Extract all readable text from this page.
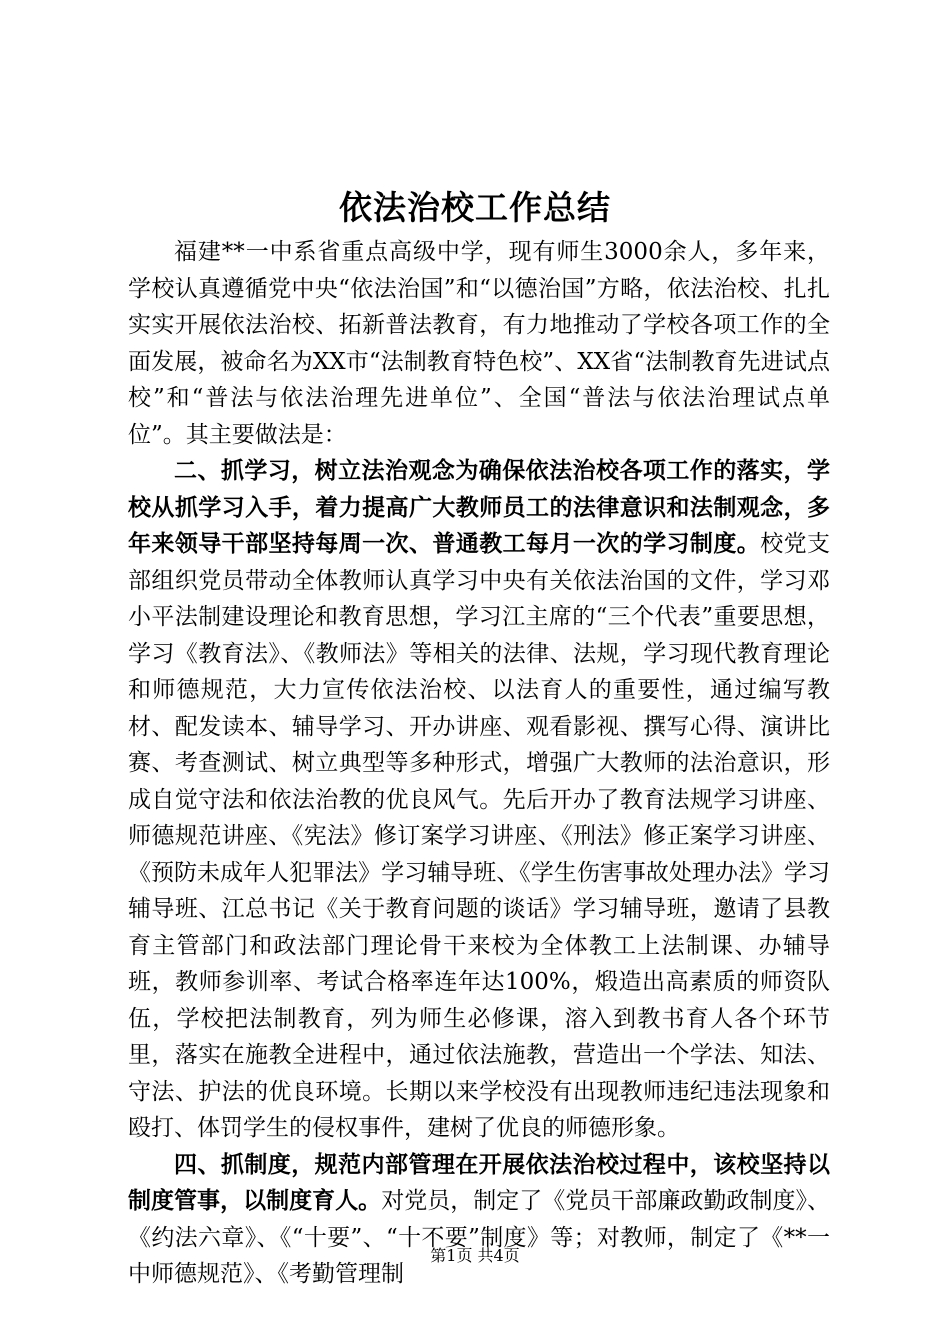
依法治校工作总结

福建**一中系省重点高级中学，现有师生3000余人，多年来，学校认真遵循党中央“依法治国”和“以德治国”方略，依法治校、扎扎实实开展依法治校、拓新普法教育，有力地推动了学校各项工作的全面发展，被命名为XX市“法制教育特色校”、XX省“法制教育先进试点校”和“普法与依法治理先进单位”、全国“普法与依法治理试点单位”。其主要做法是：

二、抓学习，树立法治观念为确保依法治校各项工作的落实，学校从抓学习入手，着力提高广大教师员工的法律意识和法制观念，多年来领导干部坚持每周一次、普通教工每月一次的学习制度。校党支部组织党员带动全体教师认真学习中央有关依法治国的文件，学习邓小平法制建设理论和教育思想，学习江主席的“三个代表”重要思想，学习《教育法》、《教师法》等相关的法律、法规，学习现代教育理论和师德规范，大力宣传依法治校、以法育人的重要性，通过编写教材、配发读本、辅导学习、开办讲座、观看影视、撰写心得、演讲比赛、考查测试、树立典型等多种形式，增强广大教师的法治意识，形成自觉守法和依法治教的优良风气。先后开办了教育法规学习讲座、师德规范讲座、《宪法》修订案学习讲座、《刑法》修正案学习讲座、《预防未成年人犯罪法》学习辅导班、《学生伤害事故处理办法》学习辅导班、江总书记《关于教育问题的谈话》学习辅导班，邀请了县教育主管部门和政法部门理论骨干来校为全体教工上法制课、办辅导班，教师参训率、考试合格率连年达100%，煅造出高素质的师资队伍，学校把法制教育，列为师生必修课，溶入到教书育人各个环节里，落实在施教全进程中，通过依法施教，营造出一个学法、知法、守法、护法的优良环境。长期以来学校没有出现教师违纪违法现象和殴打、体罚学生的侵权事件，建树了优良的师德形象。

四、抓制度，规范内部管理在开展依法治校过程中，该校坚持以制度管事，以制度育人。对党员，制定了《党员干部廉政勤政制度》、《约法六章》、《“十要”、“十不要”制度》等；对教师，制定了《**一中师德规范》、《考勤管理制

第1页 共4页
